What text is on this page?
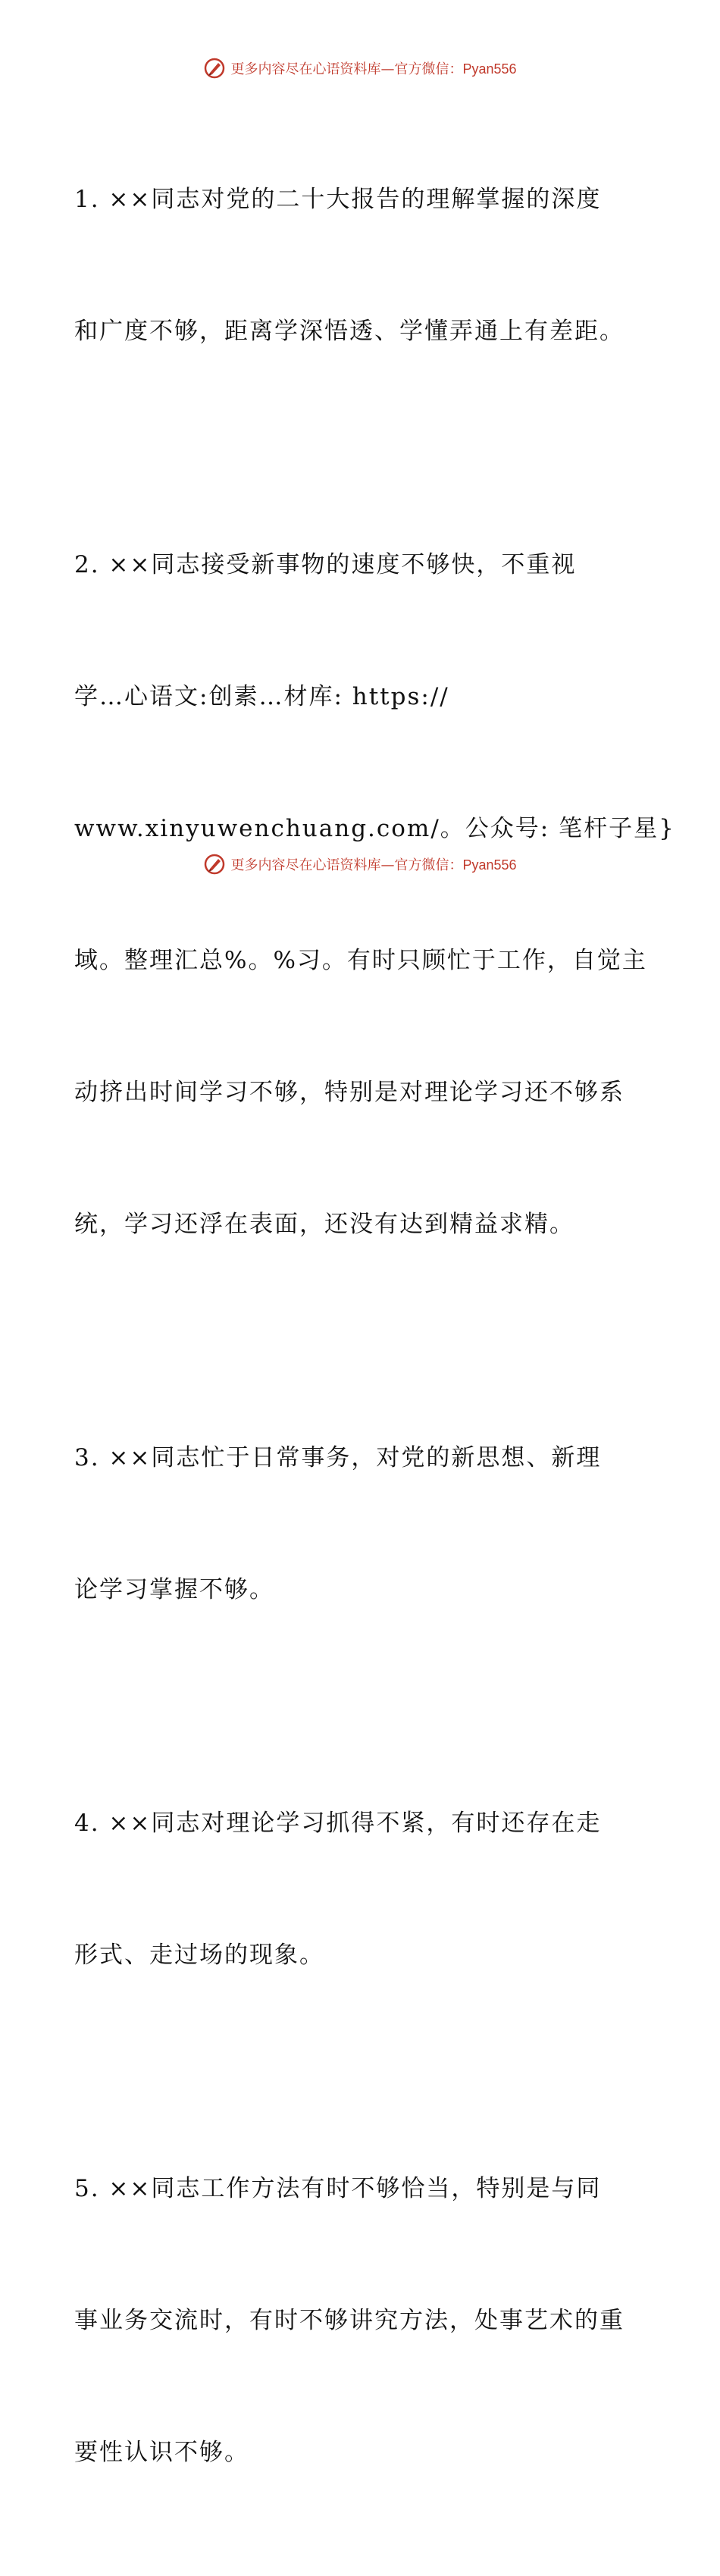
更多内容尽在心语资料库—官方微信：Pyan556

1. ××同志对党的二十大报告的理解掌握的深度

和广度不够，距离学深悟透、学懂弄通上有差距。

2. ××同志接受新事物的速度不够快，不重视

学…心语文:创素…材库: https://

www.xinyuwenchuang.com/。公众号: 笔杆子星}

域。整理汇总%。%习。有时只顾忙于工作，自觉主

动挤出时间学习不够，特别是对理论学习还不够系

统，学习还浮在表面，还没有达到精益求精。

3. ××同志忙于日常事务，对党的新思想、新理

论学习掌握不够。

4. ××同志对理论学习抓得不紧，有时还存在走

形式、走过场的现象。

5. ××同志工作方法有时不够恰当，特别是与同

事业务交流时，有时不够讲究方法，处事艺术的重

要性认识不够。

更多内容尽在心语资料库—官方微信：Pyan556
